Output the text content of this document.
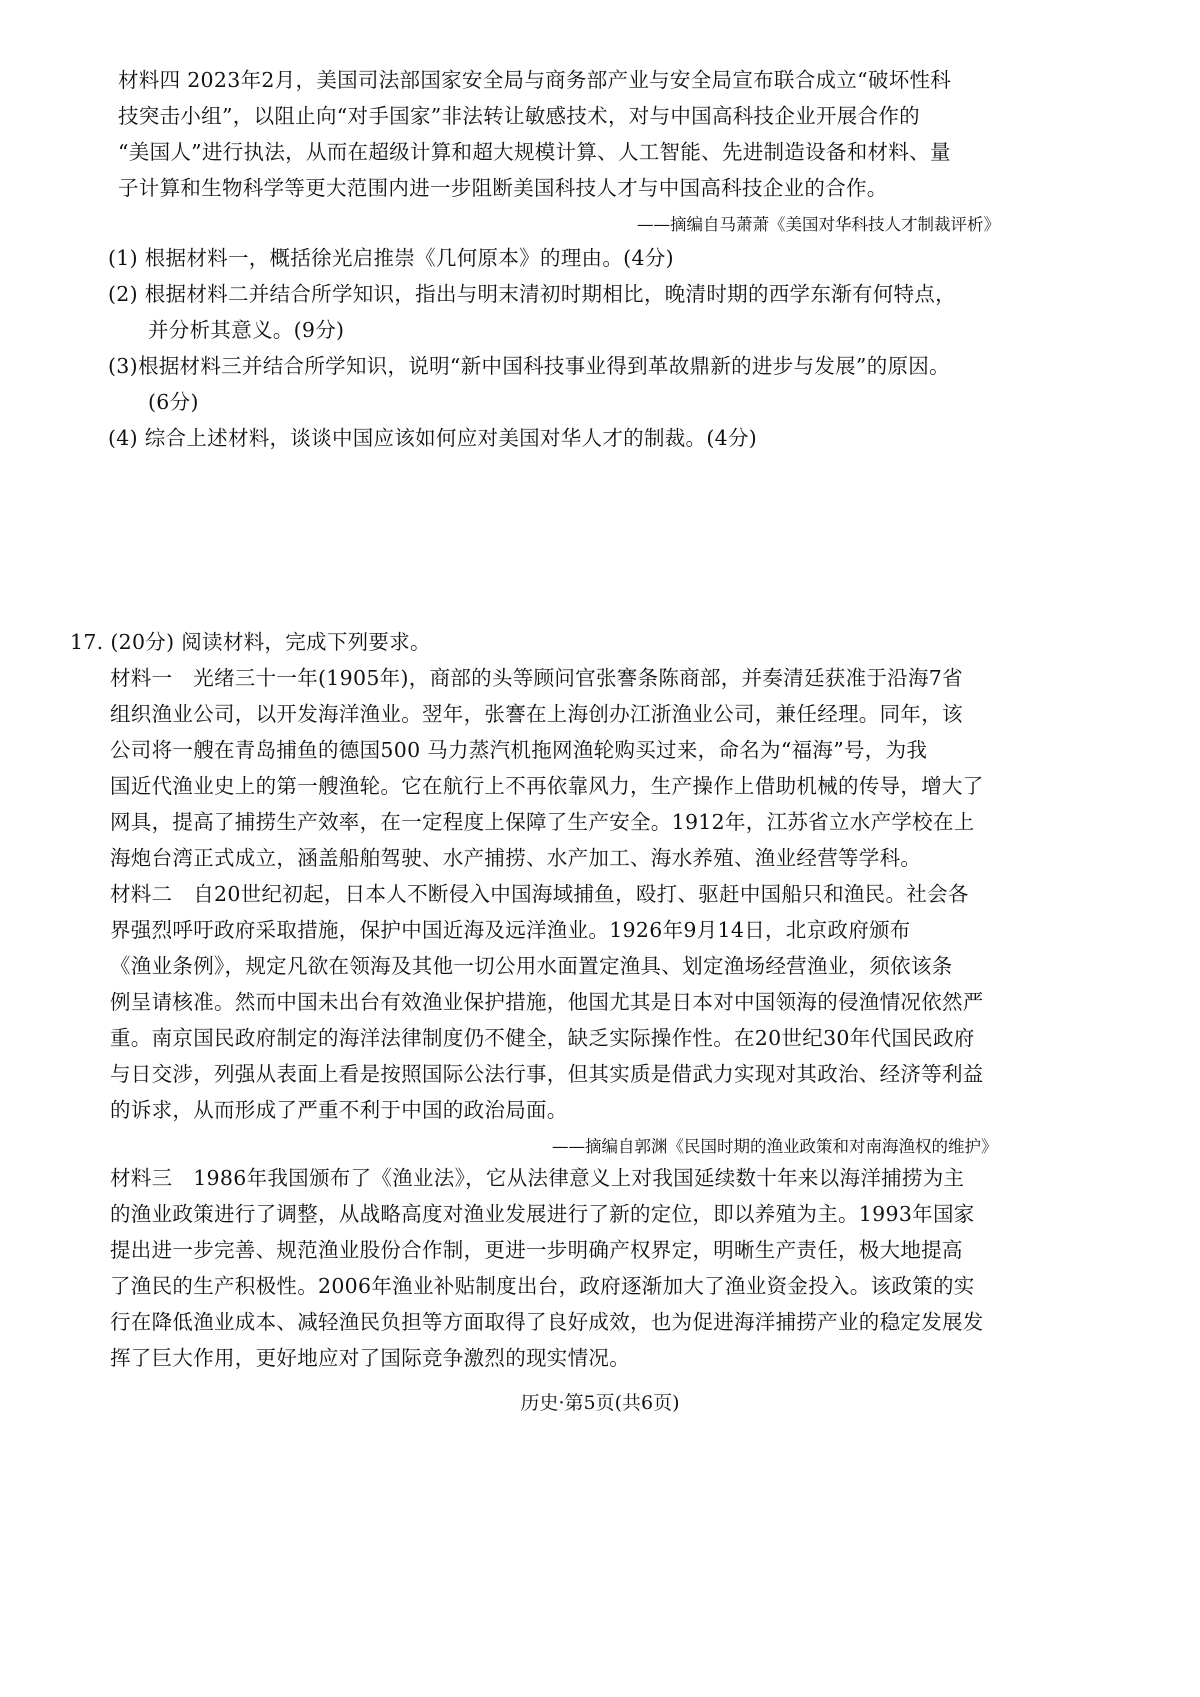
材料四 2023年2月，美国司法部国家安全局与商务部产业与安全局宣布联合成立“破坏性科
技突击小组”，以阻止向“对手国家”非法转让敏感技术，对与中国高科技企业开展合作的
“美国人”进行执法，从而在超级计算和超大规模计算、人工智能、先进制造设备和材料、量
子计算和生物科学等更大范围内进一步阻断美国科技人才与中国高科技企业的合作。
——摘编自马萧萧《美国对华科技人才制裁评析》
(1) 根据材料一，概括徐光启推崇《几何原本》的理由。(4分)
(2) 根据材料二并结合所学知识，指出与明末清初时期相比，晚清时期的西学东渐有何特点，
并分析其意义。(9分)
(3)根据材料三并结合所学知识，说明“新中国科技事业得到革故鼎新的进步与发展”的原因。
(6分)
(4) 综合上述材料，谈谈中国应该如何应对美国对华人才的制裁。(4分)
17. (20分) 阅读材料，完成下列要求。
材料一　光绪三十一年(1905年)，商部的头等顾问官张謇条陈商部，并奏清廷获准于沿海7省
组织渔业公司，以开发海洋渔业。翌年，张謇在上海创办江浙渔业公司，兼任经理。同年，该
公司将一艘在青岛捕鱼的德国500 马力蒸汽机拖网渔轮购买过来，命名为“福海”号，为我
国近代渔业史上的第一艘渔轮。它在航行上不再依靠风力，生产操作上借助机械的传导，增大了
网具，提高了捕捞生产效率，在一定程度上保障了生产安全。1912年，江苏省立水产学校在上
海炮台湾正式成立，涵盖船舶驾驶、水产捕捞、水产加工、海水养殖、渔业经营等学科。
材料二　自20世纪初起，日本人不断侵入中国海域捕鱼，殴打、驱赶中国船只和渔民。社会各
界强烈呼吁政府采取措施，保护中国近海及远洋渔业。1926年9月14日，北京政府颁布
《渔业条例》，规定凡欲在领海及其他一切公用水面置定渔具、划定渔场经营渔业，须依该条
例呈请核准。然而中国未出台有效渔业保护措施，他国尤其是日本对中国领海的侵渔情况依然严
重。南京国民政府制定的海洋法律制度仍不健全，缺乏实际操作性。在20世纪30年代国民政府
与日交涉，列强从表面上看是按照国际公法行事，但其实质是借武力实现对其政治、经济等利益
的诉求，从而形成了严重不利于中国的政治局面。
——摘编自郭渊《民国时期的渔业政策和对南海渔权的维护》
材料三　1986年我国颁布了《渔业法》，它从法律意义上对我国延续数十年来以海洋捕捞为主
的渔业政策进行了调整，从战略高度对渔业发展进行了新的定位，即以养殖为主。1993年国家
提出进一步完善、规范渔业股份合作制，更进一步明确产权界定，明晰生产责任，极大地提高
了渔民的生产积极性。2006年渔业补贴制度出台，政府逐渐加大了渔业资金投入。该政策的实
行在降低渔业成本、减轻渔民负担等方面取得了良好成效，也为促进海洋捕捞产业的稳定发展发
挥了巨大作用，更好地应对了国际竞争激烈的现实情况。
历史·第5页(共6页)
